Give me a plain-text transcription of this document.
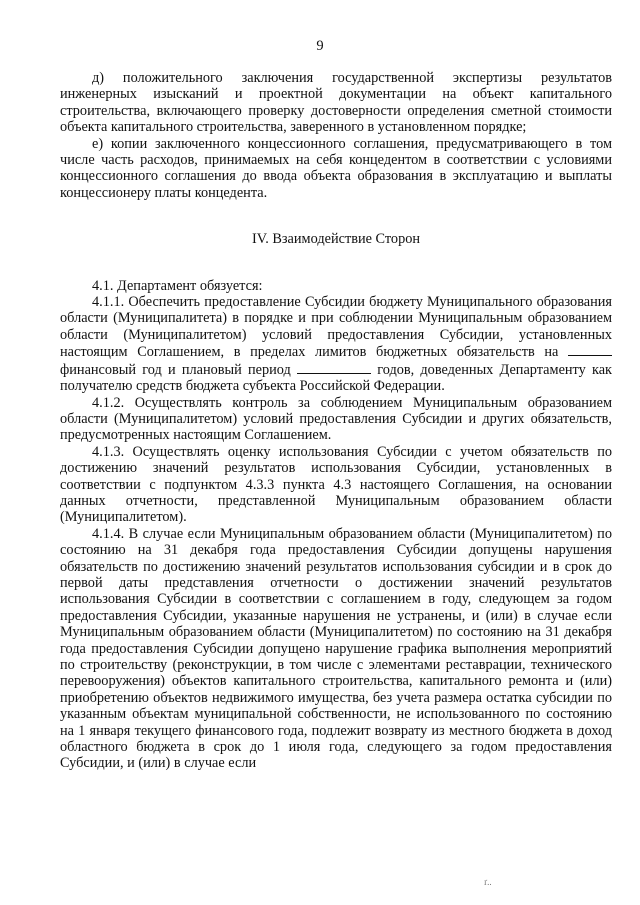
9

д) положительного заключения государственной экспертизы результатов инженерных изысканий и проектной документации на объект капитального строительства, включающего проверку достоверности определения сметной стоимости объекта капитального строительства, заверенного в установленном порядке;

е) копии заключенного концессионного соглашения, предусматривающего в том числе часть расходов, принимаемых на себя концедентом в соответствии с условиями концессионного соглашения до ввода объекта образования в эксплуатацию и выплаты концессионеру платы концедента.

IV. Взаимодействие Сторон

4.1. Департамент обязуется:

4.1.1. Обеспечить предоставление Субсидии бюджету Муниципального образования области (Муниципалитета) в порядке и при соблюдении Муниципальным образованием области (Муниципалитетом) условий предоставления Субсидии, установленных настоящим Соглашением, в пределах лимитов бюджетных обязательств на  финансовый год и плановый период	годов, доведенных Департаменту как получателю средств бюджета субъекта Российской Федерации.

4.1.2. Осуществлять контроль за соблюдением Муниципальным образованием области (Муниципалитетом) условий предоставления Субсидии и других обязательств, предусмотренных настоящим Соглашением.

4.1.3. Осуществлять оценку использования Субсидии с учетом обязательств по достижению значений результатов использования Субсидии, установленных в соответствии с подпунктом 4.3.3 пункта 4.3 настоящего Соглашения, на основании данных отчетности, представленной Муниципальным образованием области (Муниципалитетом).

4.1.4. В случае если Муниципальным образованием области (Муниципалитетом) по состоянию на 31 декабря года предоставления Субсидии допущены нарушения обязательств по достижению значений результатов использования субсидии и в срок до первой даты представления отчетности о достижении значений результатов использования Субсидии в соответствии с соглашением в году, следующем за годом предоставления Субсидии, указанные нарушения не устранены, и (или) в случае если Муниципальным образованием области (Муниципалитетом) по состоянию на 31 декабря года предоставления Субсидии допущено нарушение графика выполнения мероприятий по строительству (реконструкции, в том числе с элементами реставрации, технического перевооружения) объектов капитального строительства, капитального ремонта и (или) приобретению объектов недвижимого имущества, без учета размера остатка субсидии по указанным объектам муниципальной собственности, не использованного по состоянию на 1 января текущего финансового года, подлежит возврату из местного бюджета в доход областного бюджета в срок до 1 июля года, следующего за годом предоставления Субсидии, и (или) в случае если

ґ..
